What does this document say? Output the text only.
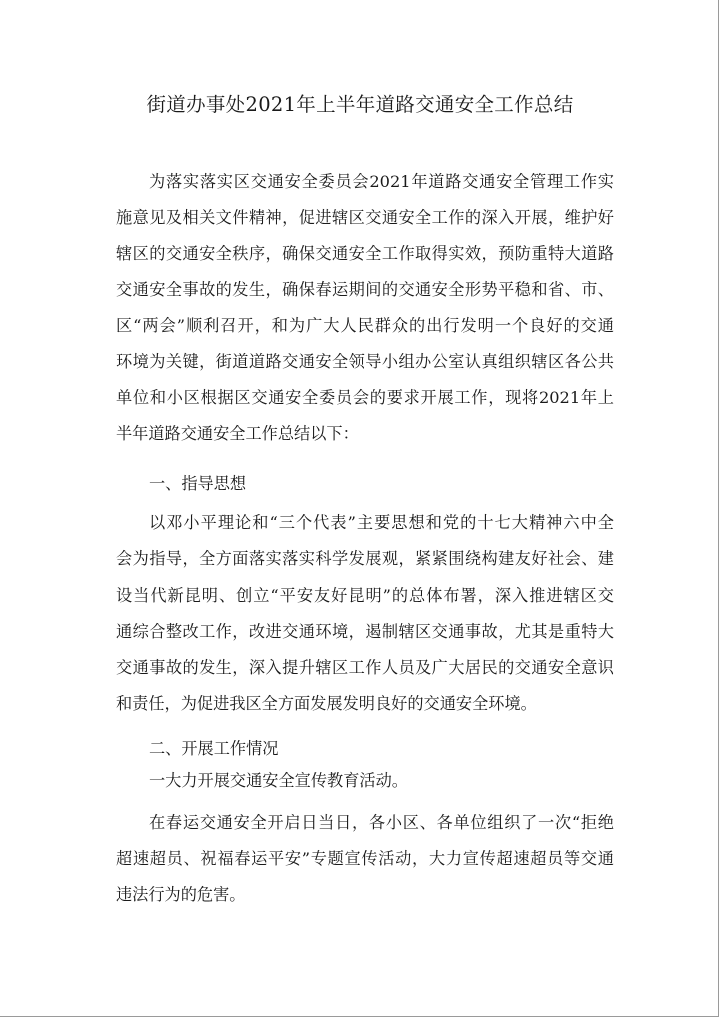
街道办事处2021年上半年道路交通安全工作总结
为落实落实区交通安全委员会2021年道路交通安全管理工作实
施意见及相关文件精神，促进辖区交通安全工作的深入开展，维护好
辖区的交通安全秩序，确保交通安全工作取得实效，预防重特大道路
交通安全事故的发生，确保春运期间的交通安全形势平稳和省、市、
区“两会”顺利召开，和为广大人民群众的出行发明一个良好的交通
环境为关键，街道道路交通安全领导小组办公室认真组织辖区各公共
单位和小区根据区交通安全委员会的要求开展工作，现将2021年上
半年道路交通安全工作总结以下：
一、指导思想
以邓小平理论和“三个代表”主要思想和党的十七大精神六中全
会为指导，全方面落实落实科学发展观，紧紧围绕构建友好社会、建
设当代新昆明、创立“平安友好昆明”的总体布署，深入推进辖区交
通综合整改工作，改进交通环境，遏制辖区交通事故，尤其是重特大
交通事故的发生，深入提升辖区工作人员及广大居民的交通安全意识
和责任，为促进我区全方面发展发明良好的交通安全环境。
二、开展工作情况
一大力开展交通安全宣传教育活动。
在春运交通安全开启日当日，各小区、各单位组织了一次“拒绝
超速超员、祝福春运平安”专题宣传活动，大力宣传超速超员等交通
违法行为的危害。
